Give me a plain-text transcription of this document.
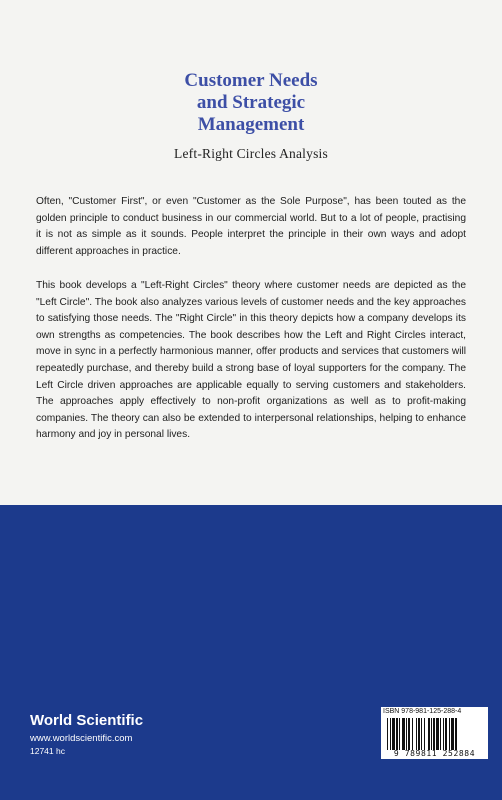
Customer Needs
and Strategic
Management
Left-Right Circles Analysis

Often, "Customer First", or even "Customer as the Sole Purpose", has been touted as the golden principle to conduct business in our commercial world. But to a lot of people, practising it is not as simple as it sounds. People interpret the principle in their own ways and adopt different approaches in practice.

This book develops a "Left-Right Circles" theory where customer needs are depicted as the "Left Circle". The book also analyzes various levels of customer needs and the key approaches to satisfying those needs. The "Right Circle" in this theory depicts how a company develops its own strengths as competencies. The book describes how the Left and Right Circles interact, move in sync in a perfectly harmonious manner, offer products and services that customers will repeatedly purchase, and thereby build a strong base of loyal supporters for the company. The Left Circle driven approaches are applicable equally to serving customers and stakeholders. The approaches apply effectively to non-profit organizations as well as to profit-making companies. The theory can also be extended to interpersonal relationships, helping to enhance harmony and joy in personal lives.

World Scientific
www.worldscientific.com
12741 hc
ISBN 978-981-125-288-4
9 789811 252884
